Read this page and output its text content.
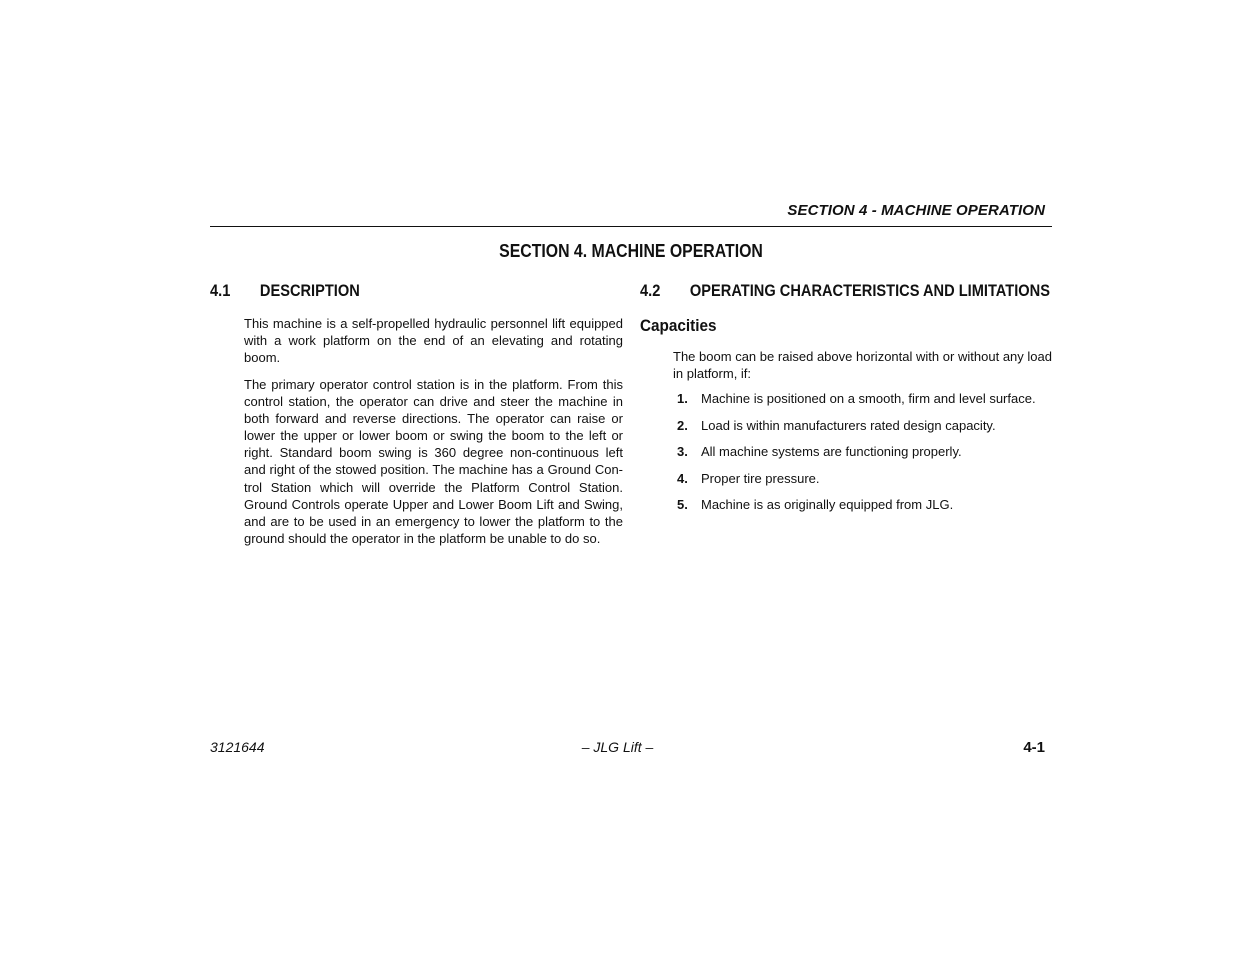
SECTION 4 - MACHINE OPERATION
SECTION 4. MACHINE OPERATION
4.1 DESCRIPTION

This machine is a self-propelled hydraulic personnel lift equipped with a work platform on the end of an elevating and rotating boom.

The primary operator control station is in the platform. From this control station, the operator can drive and steer the machine in both forward and reverse directions. The operator can raise or lower the upper or lower boom or swing the boom to the left or right. Standard boom swing is 360 degree non-continuous left and right of the stowed position. The machine has a Ground Con-trol Station which will override the Platform Control Station. Ground Controls operate Upper and Lower Boom Lift and Swing, and are to be used in an emergency to lower the platform to the ground should the operator in the platform be unable to do so.

4.2 OPERATING CHARACTERISTICS AND LIMITATIONS
Capacities

The boom can be raised above horizontal with or without any load in platform, if:

1. Machine is positioned on a smooth, firm and level surface.
2. Load is within manufacturers rated design capacity.
3. All machine systems are functioning properly.
4. Proper tire pressure.
5. Machine is as originally equipped from JLG.
3121644	– JLG Lift –	4-1
